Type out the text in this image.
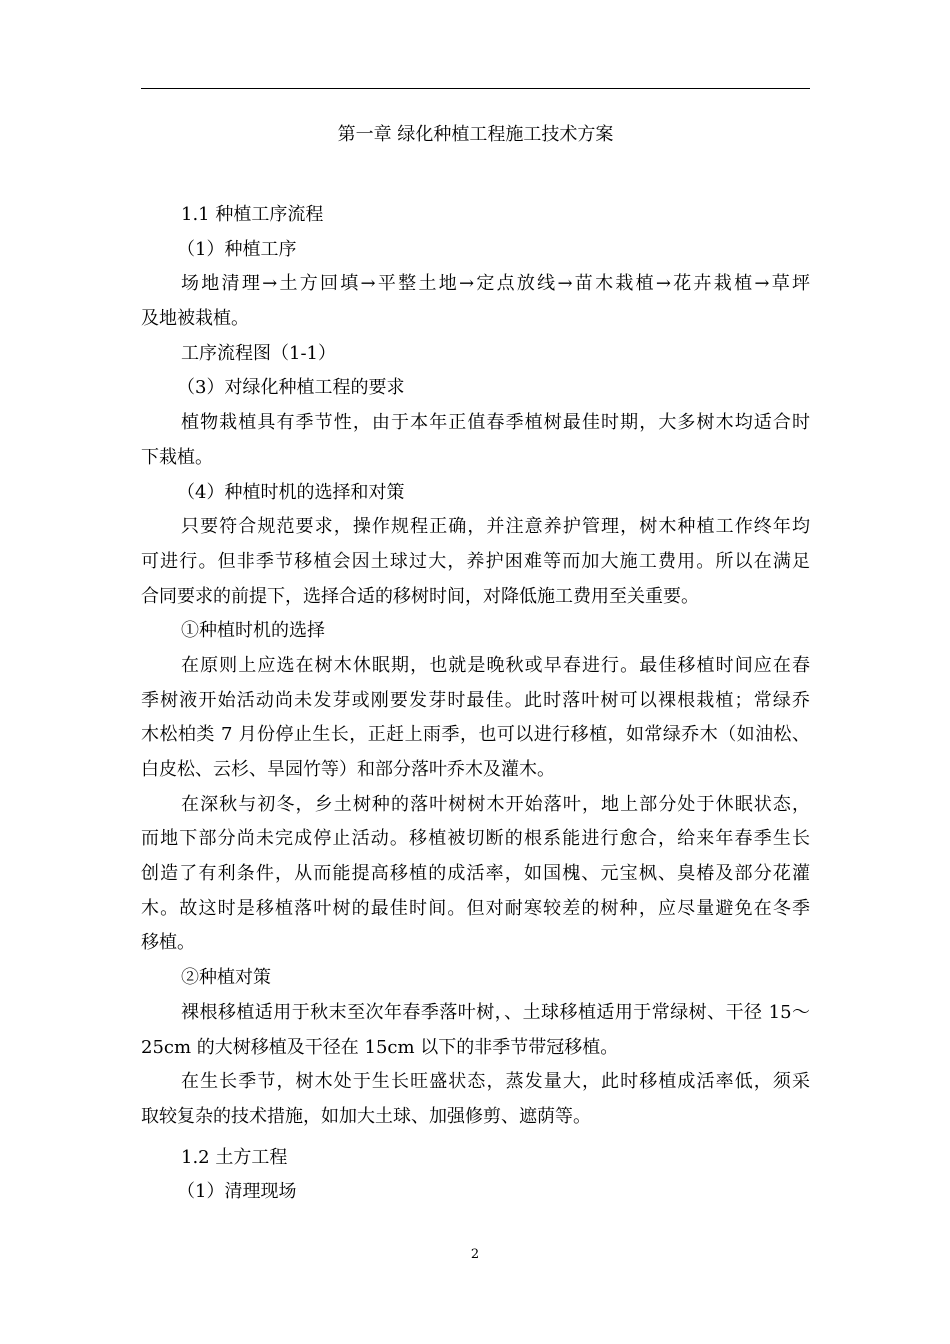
第一章 绿化种植工程施工技术方案
1.1 种植工序流程
（1）种植工序
场地清理→土方回填→平整土地→定点放线→苗木栽植→花卉栽植→草坪
及地被栽植。
工序流程图（1-1）
（3）对绿化种植工程的要求
植物栽植具有季节性，由于本年正值春季植树最佳时期，大多树木均适合时
下栽植。
（4）种植时机的选择和对策
只要符合规范要求，操作规程正确，并注意养护管理，树木种植工作终年均
可进行。但非季节移植会因土球过大，养护困难等而加大施工费用。所以在满足
合同要求的前提下，选择合适的移树时间，对降低施工费用至关重要。
①种植时机的选择
在原则上应选在树木休眠期，也就是晚秋或早春进行。最佳移植时间应在春
季树液开始活动尚未发芽或刚要发芽时最佳。此时落叶树可以裸根栽植；常绿乔
木松柏类 7 月份停止生长，正赶上雨季，也可以进行移植，如常绿乔木（如油松、
白皮松、云杉、旱园竹等）和部分落叶乔木及灌木。
在深秋与初冬，乡土树种的落叶树树木开始落叶，地上部分处于休眠状态，
而地下部分尚未完成停止活动。移植被切断的根系能进行愈合，给来年春季生长
创造了有利条件，从而能提高移植的成活率，如国槐、元宝枫、臭椿及部分花灌
木。故这时是移植落叶树的最佳时间。但对耐寒较差的树种，应尽量避免在冬季
移植。
②种植对策
裸根移植适用于秋末至次年春季落叶树，、土球移植适用于常绿树、干径 15～
25cm 的大树移植及干径在 15cm 以下的非季节带冠移植。
在生长季节，树木处于生长旺盛状态，蒸发量大，此时移植成活率低，须采
取较复杂的技术措施，如加大土球、加强修剪、遮荫等。
1.2 土方工程
（1）清理现场
2
